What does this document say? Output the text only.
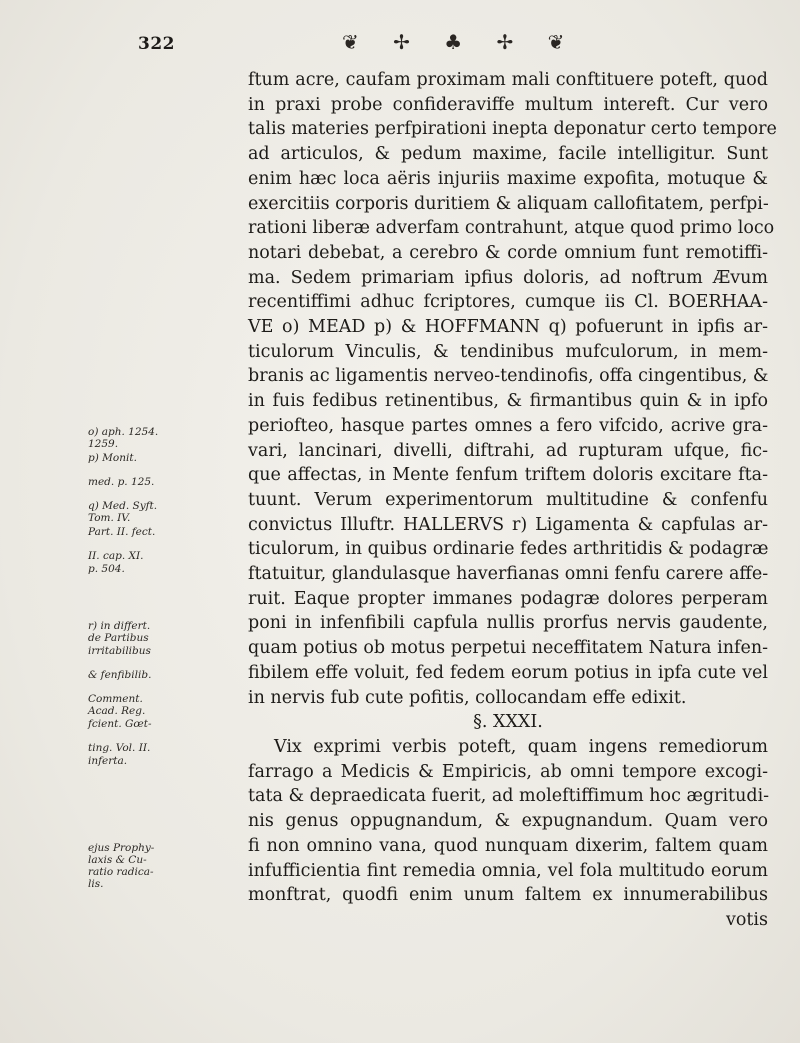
322	❦ ✢ ♣ ✢ ❦
o) aph. 1254.
1259.
p) Monit.
med. p. 125.
q) Med. Syft.
Tom. IV.
Part. II. fect.
II. cap. XI.
p. 504.
r) in differt.
de Partibus
irritabilibus
& fenfibilib.
Comment.
Acad. Reg.
fcient. Gœt-
ting. Vol. II.
inferta.
ejus Prophy-
laxis & Cu-
ratio radica-
lis.
ftum acre, caufam proximam mali conftituere poteft, quod
in praxi probe confideraviffe multum intereft. Cur vero
talis materies perfpirationi inepta deponatur certo tempore
ad articulos, & pedum maxime, facile intelligitur. Sunt
enim hæc loca aëris injuriis maxime expofita, motuque &
exercitiis corporis duritiem & aliquam callofitatem, perfpi-
rationi liberæ adverfam contrahunt, atque quod primo loco
notari debebat, a cerebro & corde omnium funt remotiffi-
ma. Sedem primariam ipfius doloris, ad noftrum Ævum
recentiffimi adhuc fcriptores, cumque iis Cl. BOERHAA-
VE o) MEAD p) & HOFFMANN q) pofuerunt in ipfis ar-
ticulorum Vinculis, & tendinibus mufculorum, in mem-
branis ac ligamentis nerveo-tendinofis, offa cingentibus, &
in fuis fedibus retinentibus, & firmantibus quin & in ipfo
periofteo, hasque partes omnes a fero vifcido, acrive gra-
vari, lancinari, divelli, diftrahi, ad rupturam ufque, fic-
que affectas, in Mente fenfum triftem doloris excitare fta-
tuunt. Verum experimentorum multitudine & confenfu
convictus Illuftr. HALLERVS r) Ligamenta & capfulas ar-
ticulorum, in quibus ordinarie fedes arthritidis & podagræ
ftatuitur, glandulasque haverfianas omni fenfu carere affe-
ruit. Eaque propter immanes podagræ dolores perperam
poni in infenfibili capfula nullis prorfus nervis gaudente,
quam potius ob motus perpetui neceffitatem Natura infen-
fibilem effe voluit, fed fedem eorum potius in ipfa cute vel
in nervis fub cute pofitis, collocandam effe edixit.
§. XXXI.
Vix exprimi verbis poteft, quam ingens remediorum
farrago a Medicis & Empiricis, ab omni tempore excogi-
tata & depraedicata fuerit, ad moleftiffimum hoc ægritudi-
nis genus oppugnandum, & expugnandum. Quam vero
fi non omnino vana, quod nunquam dixerim, faltem quam
infufficientia fint remedia omnia, vel fola multitudo eorum
monftrat, quodfi enim unum faltem ex innumerabilibus
votis
